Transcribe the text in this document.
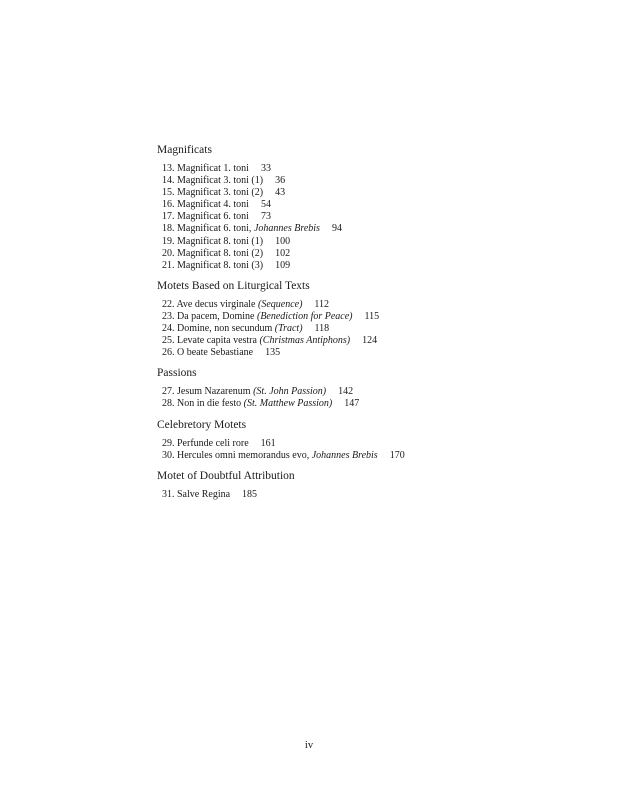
Magnificats
13. Magnificat 1. toni 33
14. Magnificat 3. toni (1) 36
15. Magnificat 3. toni (2) 43
16. Magnificat 4. toni 54
17. Magnificat 6. toni 73
18. Magnificat 6. toni, Johannes Brebis 94
19. Magnificat 8. toni (1) 100
20. Magnificat 8. toni (2) 102
21. Magnificat 8. toni (3) 109
Motets Based on Liturgical Texts
22. Ave decus virginale (Sequence) 112
23. Da pacem, Domine (Benediction for Peace) 115
24. Domine, non secundum (Tract) 118
25. Levate capita vestra (Christmas Antiphons) 124
26. O beate Sebastiane 135
Passions
27. Jesum Nazarenum (St. John Passion) 142
28. Non in die festo (St. Matthew Passion) 147
Celebretory Motets
29. Perfunde celi rore 161
30. Hercules omni memorandus evo, Johannes Brebis 170
Motet of Doubtful Attribution
31. Salve Regina 185
iv
